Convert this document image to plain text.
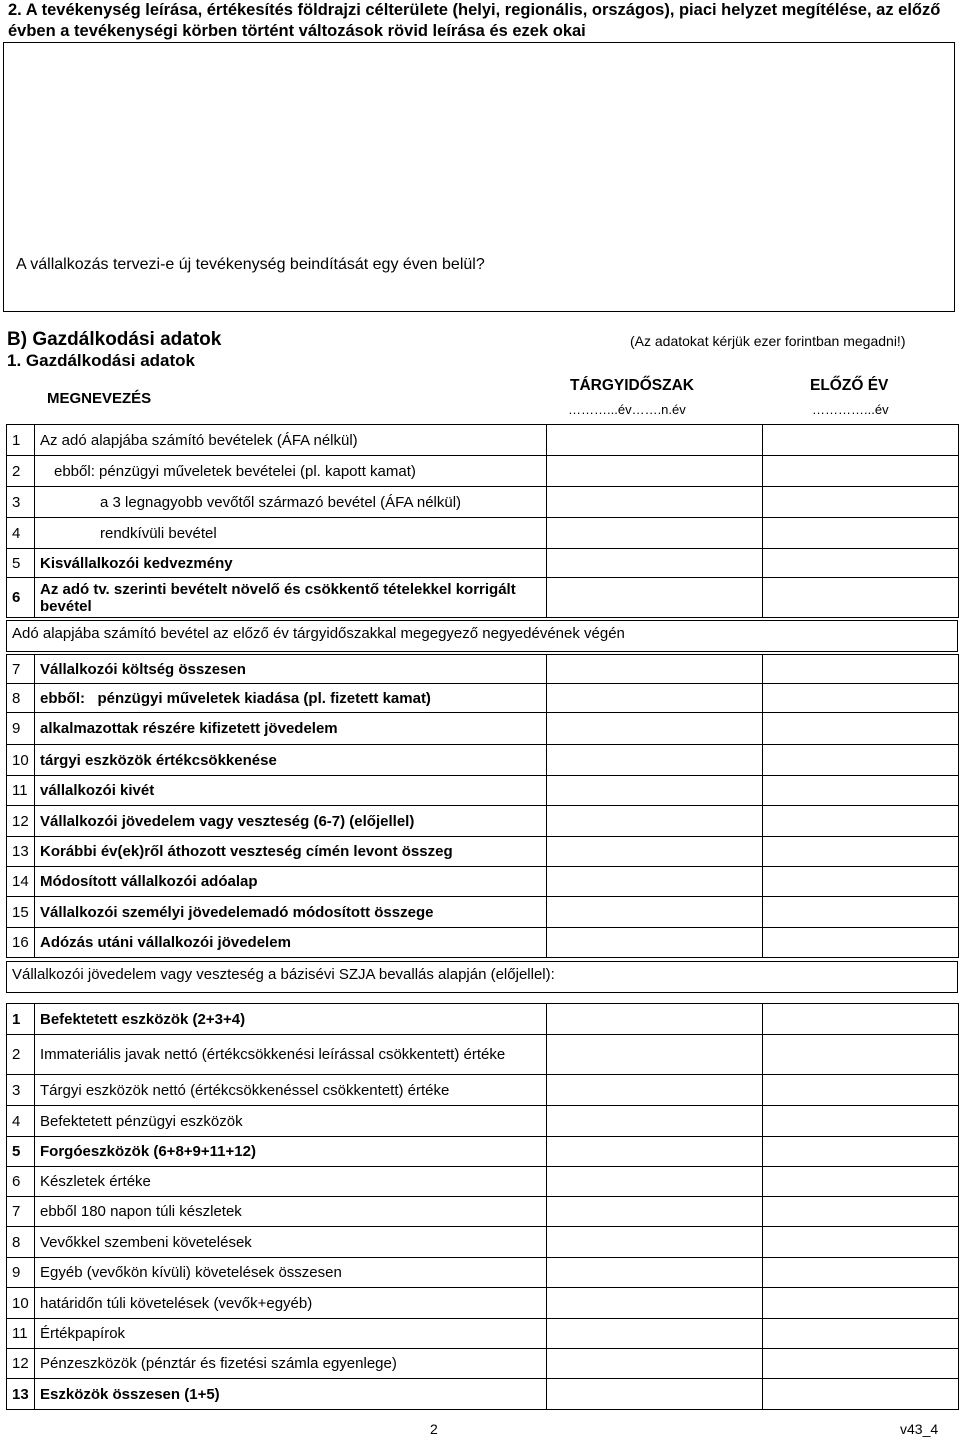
2. A tevékenység leírása, értékesítés földrajzi célterülete (helyi, regionális, országos), piaci helyzet megítélése, az előző évben a tevékenységi körben történt változások rövid leírása és ezek okai
A vállalkozás tervezi-e új tevékenység beindítását egy éven belül?
B) Gazdálkodási adatok	(Az adatokat kérjük ezer forintban megadni!)
1. Gazdálkodási adatok
MEGNEVEZÉS
TÁRGYIDŐSZAK
………...év…….n.év
ELŐZŐ ÉV
…………...év
1	Az adó alapjába számító bevételek (ÁFA nélkül)		
2	ebből: pénzügyi műveletek bevételei (pl. kapott kamat)		
3	a 3 legnagyobb vevőtől származó bevétel (ÁFA nélkül)		
4	rendkívüli bevétel		
5	Kisvállalkozói kedvezmény		
6	Az adó tv. szerinti bevételt növelő és csökkentő tételekkel korrigált bevétel		
Adó alapjába számító bevétel az előző év tárgyidőszakkal megegyező negyedévének végén
7	Vállalkozói költség összesen		
8	ebből:   pénzügyi műveletek kiadása (pl. fizetett kamat)		
9	alkalmazottak részére kifizetett jövedelem		
10	tárgyi eszközök értékcsökkenése		
11	vállalkozói kivét		
12	Vállalkozói jövedelem vagy veszteség (6-7) (előjellel)		
13	Korábbi év(ek)ről áthozott veszteség címén levont összeg		
14	Módosított vállalkozói adóalap		
15	Vállalkozói személyi jövedelemadó módosított összege		
16	Adózás utáni vállalkozói jövedelem		
Vállalkozói jövedelem vagy veszteség a bázisévi SZJA bevallás alapján (előjellel):
1	Befektetett eszközök (2+3+4)		
2	Immateriális javak nettó (értékcsökkenési leírással csökkentett) értéke		
3	Tárgyi eszközök nettó (értékcsökkenéssel csökkentett) értéke		
4	Befektetett pénzügyi eszközök		
5	Forgóeszközök (6+8+9+11+12)		
6	Készletek értéke		
7	ebből 180 napon túli készletek		
8	Vevőkkel szembeni követelések		
9	Egyéb (vevőkön kívüli) követelések összesen		
10	határidőn túli követelések (vevők+egyéb)		
11	Értékpapírok		
12	Pénzeszközök (pénztár és fizetési számla egyenlege)		
13	Eszközök összesen (1+5)		
2	v43_4
